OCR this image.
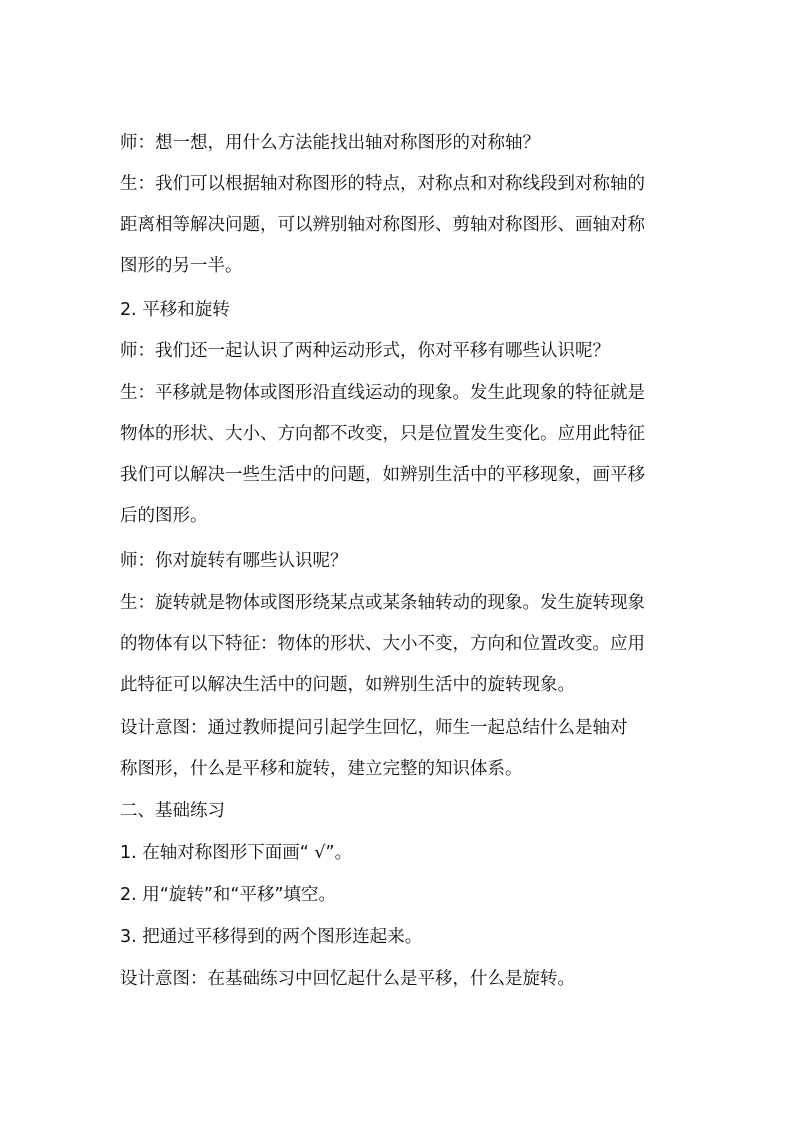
师：想一想，用什么方法能找出轴对称图形的对称轴？
生：我们可以根据轴对称图形的特点，对称点和对称线段到对称轴的
距离相等解决问题，可以辨别轴对称图形、剪轴对称图形、画轴对称
图形的另一半。
2. 平移和旋转
师：我们还一起认识了两种运动形式，你对平移有哪些认识呢？
生：平移就是物体或图形沿直线运动的现象。发生此现象的特征就是
物体的形状、大小、方向都不改变，只是位置发生变化。应用此特征
我们可以解决一些生活中的问题，如辨别生活中的平移现象，画平移
后的图形。
师：你对旋转有哪些认识呢？
生：旋转就是物体或图形绕某点或某条轴转动的现象。发生旋转现象
的物体有以下特征：物体的形状、大小不变，方向和位置改变。应用
此特征可以解决生活中的问题，如辨别生活中的旋转现象。
设计意图：通过教师提问引起学生回忆，师生一起总结什么是轴对
称图形，什么是平移和旋转，建立完整的知识体系。
二、基础练习
1. 在轴对称图形下面画“ √”。
2. 用“旋转”和“平移”填空。
3. 把通过平移得到的两个图形连起来。
设计意图：在基础练习中回忆起什么是平移，什么是旋转。
